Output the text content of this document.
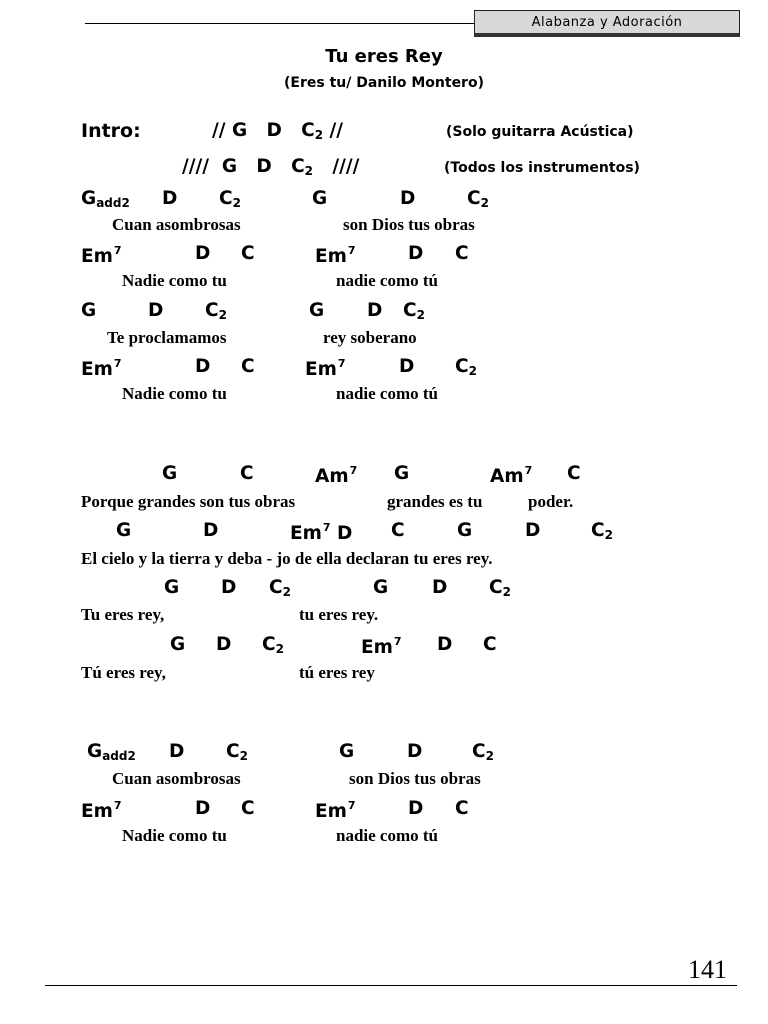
Alabanza y Adoración
Tu eres Rey
(Eres tu/ Danilo Montero)
Intro:	// G   D   $C_2$ //	(Solo guitarra Acústica)
////  G   D   $C_2$   ////	(Todos los instrumentos)
$G_{add2}$ D $C_2$	G	D	$C_2$
Cuan asombrosas	son Dios tus obras
Em$^7$	D C	Em$^7$	D C
Nadie como tu	nadie como tú
G	D $C_2$	G D $C_2$
Te proclamamos	rey soberano
Em$^7$	D C	Em$^7$	D $C_2$
Nadie como tu	nadie como tú
G	C	Am$^7$ G	Am$^7$ C
Porque grandes son tus obras	grandes es tu	poder.
G	D	Em$^7$ D C	G	D	$C_2$
El cielo y la tierra y deba - jo de ella declaran tu eres rey.
G D $C_2$	G D $C_2$
Tu eres rey,	tu eres rey.
G D $C_2$	Em$^7$ D C
Tú eres rey,	tú eres rey
$G_{add2}$ D $C_2$	G	D	$C_2$
Cuan asombrosas	son Dios tus obras
Em$^7$	D C	Em$^7$	D C
Nadie como tu	nadie como tú
141
